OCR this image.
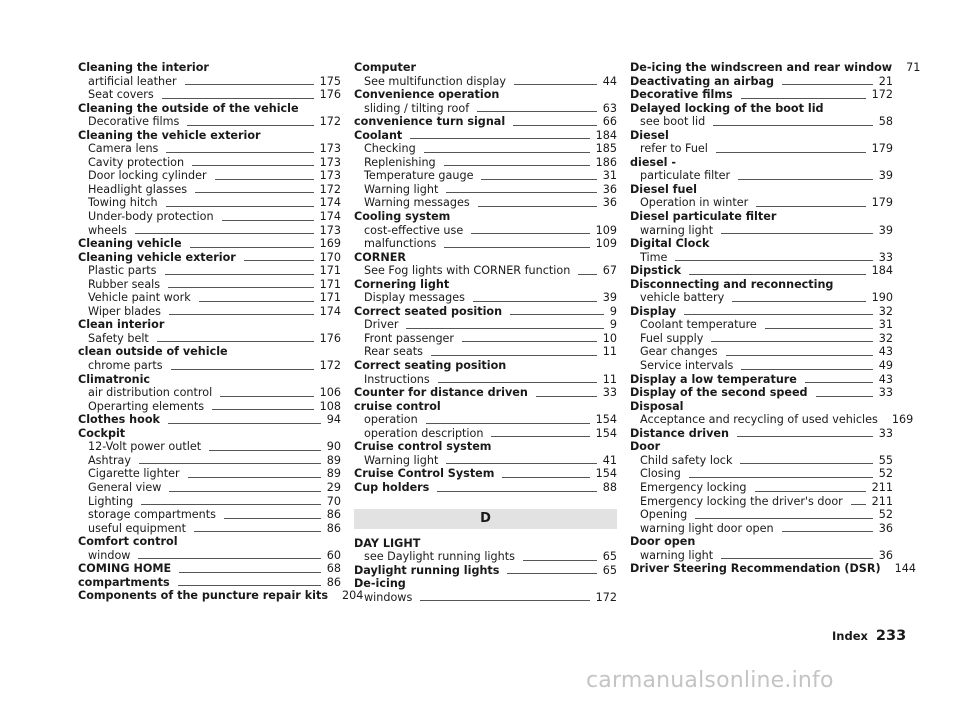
Cleaning the interior
artificial leather	175
Seat covers	176
Cleaning the outside of the vehicle
Decorative films	172
Cleaning the vehicle exterior
Camera lens	173
Cavity protection	173
Door locking cylinder	173
Headlight glasses	172
Towing hitch	174
Under-body protection	174
wheels	173
Cleaning vehicle	169
Cleaning vehicle exterior	170
Plastic parts	171
Rubber seals	171
Vehicle paint work	171
Wiper blades	174
Clean interior
Safety belt	176
clean outside of vehicle
chrome parts	172
Climatronic
air distribution control	106
Operarting elements	108
Clothes hook	94
Cockpit
12-Volt power outlet	90
Ashtray	89
Cigarette lighter	89
General view	29
Lighting	70
storage compartments	86
useful equipment	86
Comfort control
window	60
COMING HOME	68
compartments	86
Components of the puncture repair kits 204
Computer
See multifunction display	44
Convenience operation
sliding / tilting roof	63
convenience turn signal	66
Coolant	184
Checking	185
Replenishing	186
Temperature gauge	31
Warning light	36
Warning messages	36
Cooling system
cost-effective use	109
malfunctions	109
CORNER
See Fog lights with CORNER function	67
Cornering light
Display messages	39
Correct seated position	9
Driver	9
Front passenger	10
Rear seats	11
Correct seating position
Instructions	11
Counter for distance driven	33
cruise control
operation	154
operation description	154
Cruise control system
Warning light	41
Cruise Control System	154
Cup holders	88
D
DAY LIGHT
see Daylight running lights	65
Daylight running lights	65
De-icing
windows	172
De-icing the windscreen and rear window 71
Deactivating an airbag	21
Decorative films	172
Delayed locking of the boot lid
see boot lid	58
Diesel
refer to Fuel	179
diesel -
particulate filter	39
Diesel fuel
Operation in winter	179
Diesel particulate filter
warning light	39
Digital Clock
Time	33
Dipstick	184
Disconnecting and reconnecting
vehicle battery	190
Display	32
Coolant temperature	31
Fuel supply	32
Gear changes	43
Service intervals	49
Display a low temperature	43
Display of the second speed	33
Disposal
Acceptance and recycling of used vehicles 169
Distance driven	33
Door
Child safety lock	55
Closing	52
Emergency locking	211
Emergency locking the driver's door	211
Opening	52
warning light door open	36
Door open
warning light	36
Driver Steering Recommendation (DSR) 144
Index 233
carmanualsonline.info
